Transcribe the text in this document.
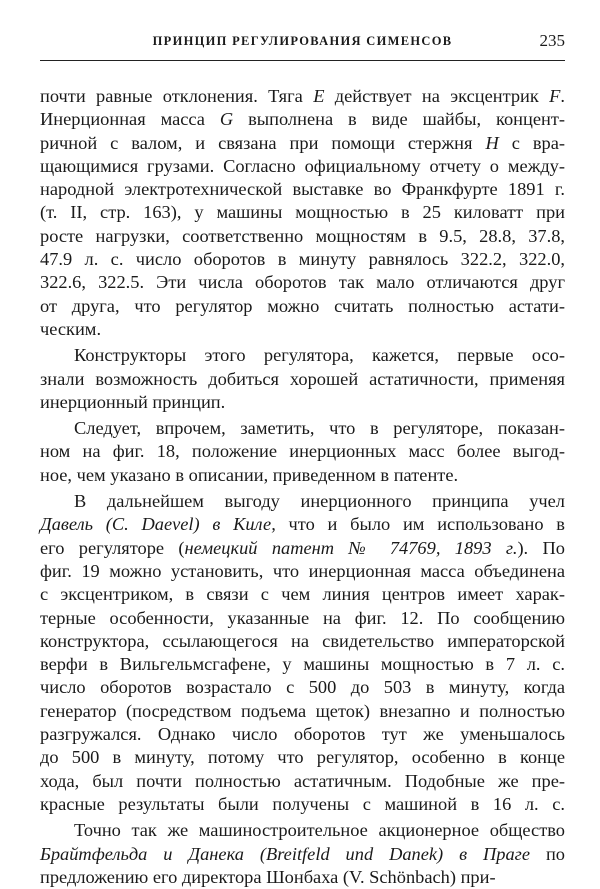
ПРИНЦИП РЕГУЛИРОВАНИЯ СИМЕНСОВ	235
почти равные отклонения. Тяга E действует на эксцентрик F.
Инерционная масса G выполнена в виде шайбы, концент-
ричной с валом, и связана при помощи стержня H с вра-
щающимися грузами. Согласно официальному отчету о между-
народной электротехнической выставке во Франкфурте 1891 г.
(т. II, стр. 163), у машины мощностью в 25 киловатт при
росте нагрузки, соответственно мощностям в 9.5, 28.8, 37.8,
47.9 л. с. число оборотов в минуту равнялось 322.2, 322.0,
322.6, 322.5. Эти числа оборотов так мало отличаются друг
от друга, что регулятор можно считать полностью астати-
ческим.
Конструкторы этого регулятора, кажется, первые осо-
знали возможность добиться хорошей астатичности, применяя
инерционный принцип.
Следует, впрочем, заметить, что в регуляторе, показан-
ном на фиг. 18, положение инерционных масс более выгод-
ное, чем указано в описании, приведенном в патенте.
В дальнейшем выгоду инерционного принципа учел
Давель (C. Daevel) в Киле, что и было им использовано в
его регуляторе (немецкий патент № 74769, 1893 г.). По
фиг. 19 можно установить, что инерционная масса объединена
с эксцентриком, в связи с чем линия центров имеет харак-
терные особенности, указанные на фиг. 12. По сообщению
конструктора, ссылающегося на свидетельство императорской
верфи в Вильгельмсгафене, у машины мощностью в 7 л. с.
число оборотов возрастало с 500 до 503 в минуту, когда
генератор (посредством подъема щеток) внезапно и полностью
разгружался. Однако число оборотов тут же уменьшалось
до 500 в минуту, потому что регулятор, особенно в конце
хода, был почти полностью астатичным. Подобные же пре-
красные результаты были получены с машиной в 16 л. с.
Точно так же машиностроительное акционерное общество
Брайтфельда и Данека (Breitfeld und Danek) в Праге по
предложению его директора Шонбаха (V. Schönbach) при-
